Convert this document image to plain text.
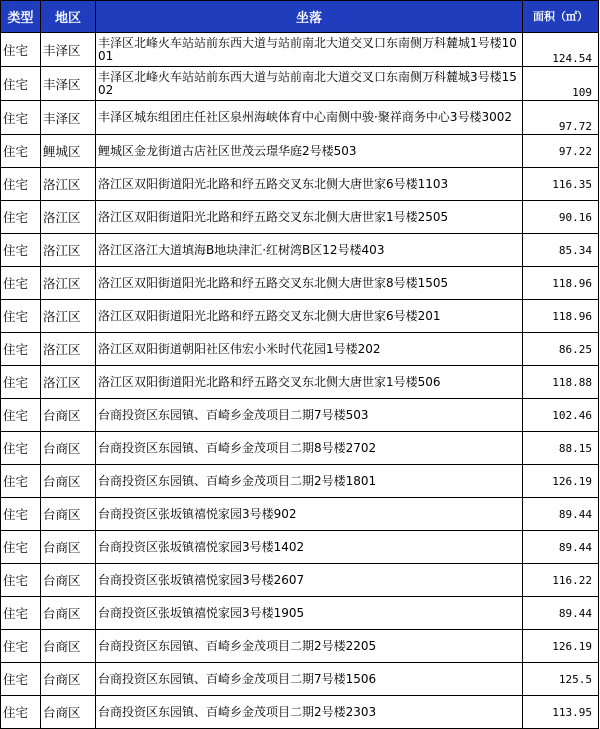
类型	地区	坐落	面积（㎡）
住宅	丰泽区	丰泽区北峰火车站站前东西大道与站前南北大道交叉口东南侧万科麓城1号楼1001	124.54
住宅	丰泽区	丰泽区北峰火车站站前东西大道与站前南北大道交叉口东南侧万科麓城3号楼1502	109
住宅	丰泽区	丰泽区城东组团庄任社区泉州海峡体育中心南侧中骏·聚祥商务中心3号楼3002	97.72
住宅	鲤城区	鲤城区金龙街道古店社区世茂云璟华庭2号楼503	97.22
住宅	洛江区	洛江区双阳街道阳光北路和纾五路交叉东北侧大唐世家6号楼1103	116.35
住宅	洛江区	洛江区双阳街道阳光北路和纾五路交叉东北侧大唐世家1号楼2505	90.16
住宅	洛江区	洛江区洛江大道填海B地块津汇·红树湾B区12号楼403	85.34
住宅	洛江区	洛江区双阳街道阳光北路和纾五路交叉东北侧大唐世家8号楼1505	118.96
住宅	洛江区	洛江区双阳街道阳光北路和纾五路交叉东北侧大唐世家6号楼201	118.96
住宅	洛江区	洛江区双阳街道朝阳社区伟宏小米时代花园1号楼202	86.25
住宅	洛江区	洛江区双阳街道阳光北路和纾五路交叉东北侧大唐世家1号楼506	118.88
住宅	台商区	台商投资区东园镇、百崎乡金茂项目二期7号楼503	102.46
住宅	台商区	台商投资区东园镇、百崎乡金茂项目二期8号楼2702	88.15
住宅	台商区	台商投资区东园镇、百崎乡金茂项目二期2号楼1801	126.19
住宅	台商区	台商投资区张坂镇禧悦家园3号楼902	89.44
住宅	台商区	台商投资区张坂镇禧悦家园3号楼1402	89.44
住宅	台商区	台商投资区张坂镇禧悦家园3号楼2607	116.22
住宅	台商区	台商投资区张坂镇禧悦家园3号楼1905	89.44
住宅	台商区	台商投资区东园镇、百崎乡金茂项目二期2号楼2205	126.19
住宅	台商区	台商投资区东园镇、百崎乡金茂项目二期7号楼1506	125.5
住宅	台商区	台商投资区东园镇、百崎乡金茂项目二期2号楼2303	113.95
